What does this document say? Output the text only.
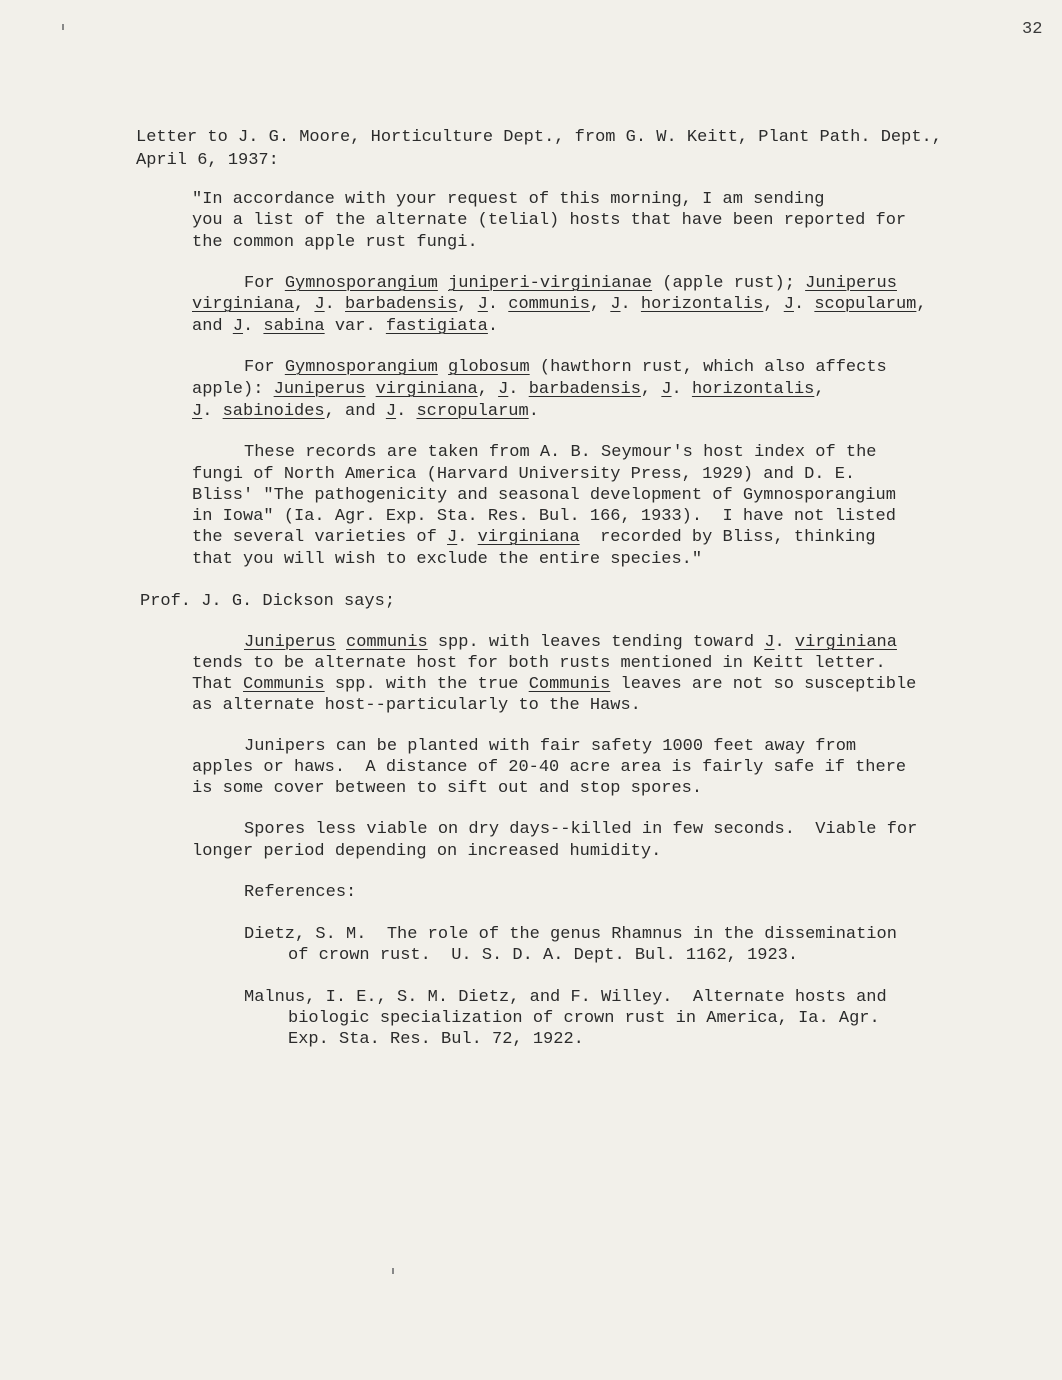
32
Letter to J. G. Moore, Horticulture Dept., from G. W. Keitt, Plant Path. Dept.,
April 6, 1937:
"In accordance with your request of this morning, I am sending
you a list of the alternate (telial) hosts that have been reported for
the common apple rust fungi.
For Gymnosporangium juniperi-virginianae (apple rust); Juniperus
virginiana, J. barbadensis, J. communis, J. horizontalis, J. scopularum,
and J. sabina var. fastigiata.
For Gymnosporangium globosum (hawthorn rust, which also affects
apple): Juniperus virginiana, J. barbadensis, J. horizontalis,
J. sabinoides, and J. scropularum.
These records are taken from A. B. Seymour's host index of the
fungi of North America (Harvard University Press, 1929) and D. E.
Bliss' "The pathogenicity and seasonal development of Gymnosporangium
in Iowa" (Ia. Agr. Exp. Sta. Res. Bul. 166, 1933).  I have not listed
the several varieties of J. virginiana  recorded by Bliss, thinking
that you will wish to exclude the entire species."
Prof. J. G. Dickson says;
Juniperus communis spp. with leaves tending toward J. virginiana
tends to be alternate host for both rusts mentioned in Keitt letter.
That Communis spp. with the true Communis leaves are not so susceptible
as alternate host--particularly to the Haws.
Junipers can be planted with fair safety 1000 feet away from
apples or haws.  A distance of 20-40 acre area is fairly safe if there
is some cover between to sift out and stop spores.
Spores less viable on dry days--killed in few seconds.  Viable for
longer period depending on increased humidity.
References:
Dietz, S. M.  The role of the genus Rhamnus in the dissemination
of crown rust.  U. S. D. A. Dept. Bul. 1162, 1923.
Malnus, I. E., S. M. Dietz, and F. Willey.  Alternate hosts and
biologic specialization of crown rust in America, Ia. Agr.
Exp. Sta. Res. Bul. 72, 1922.
